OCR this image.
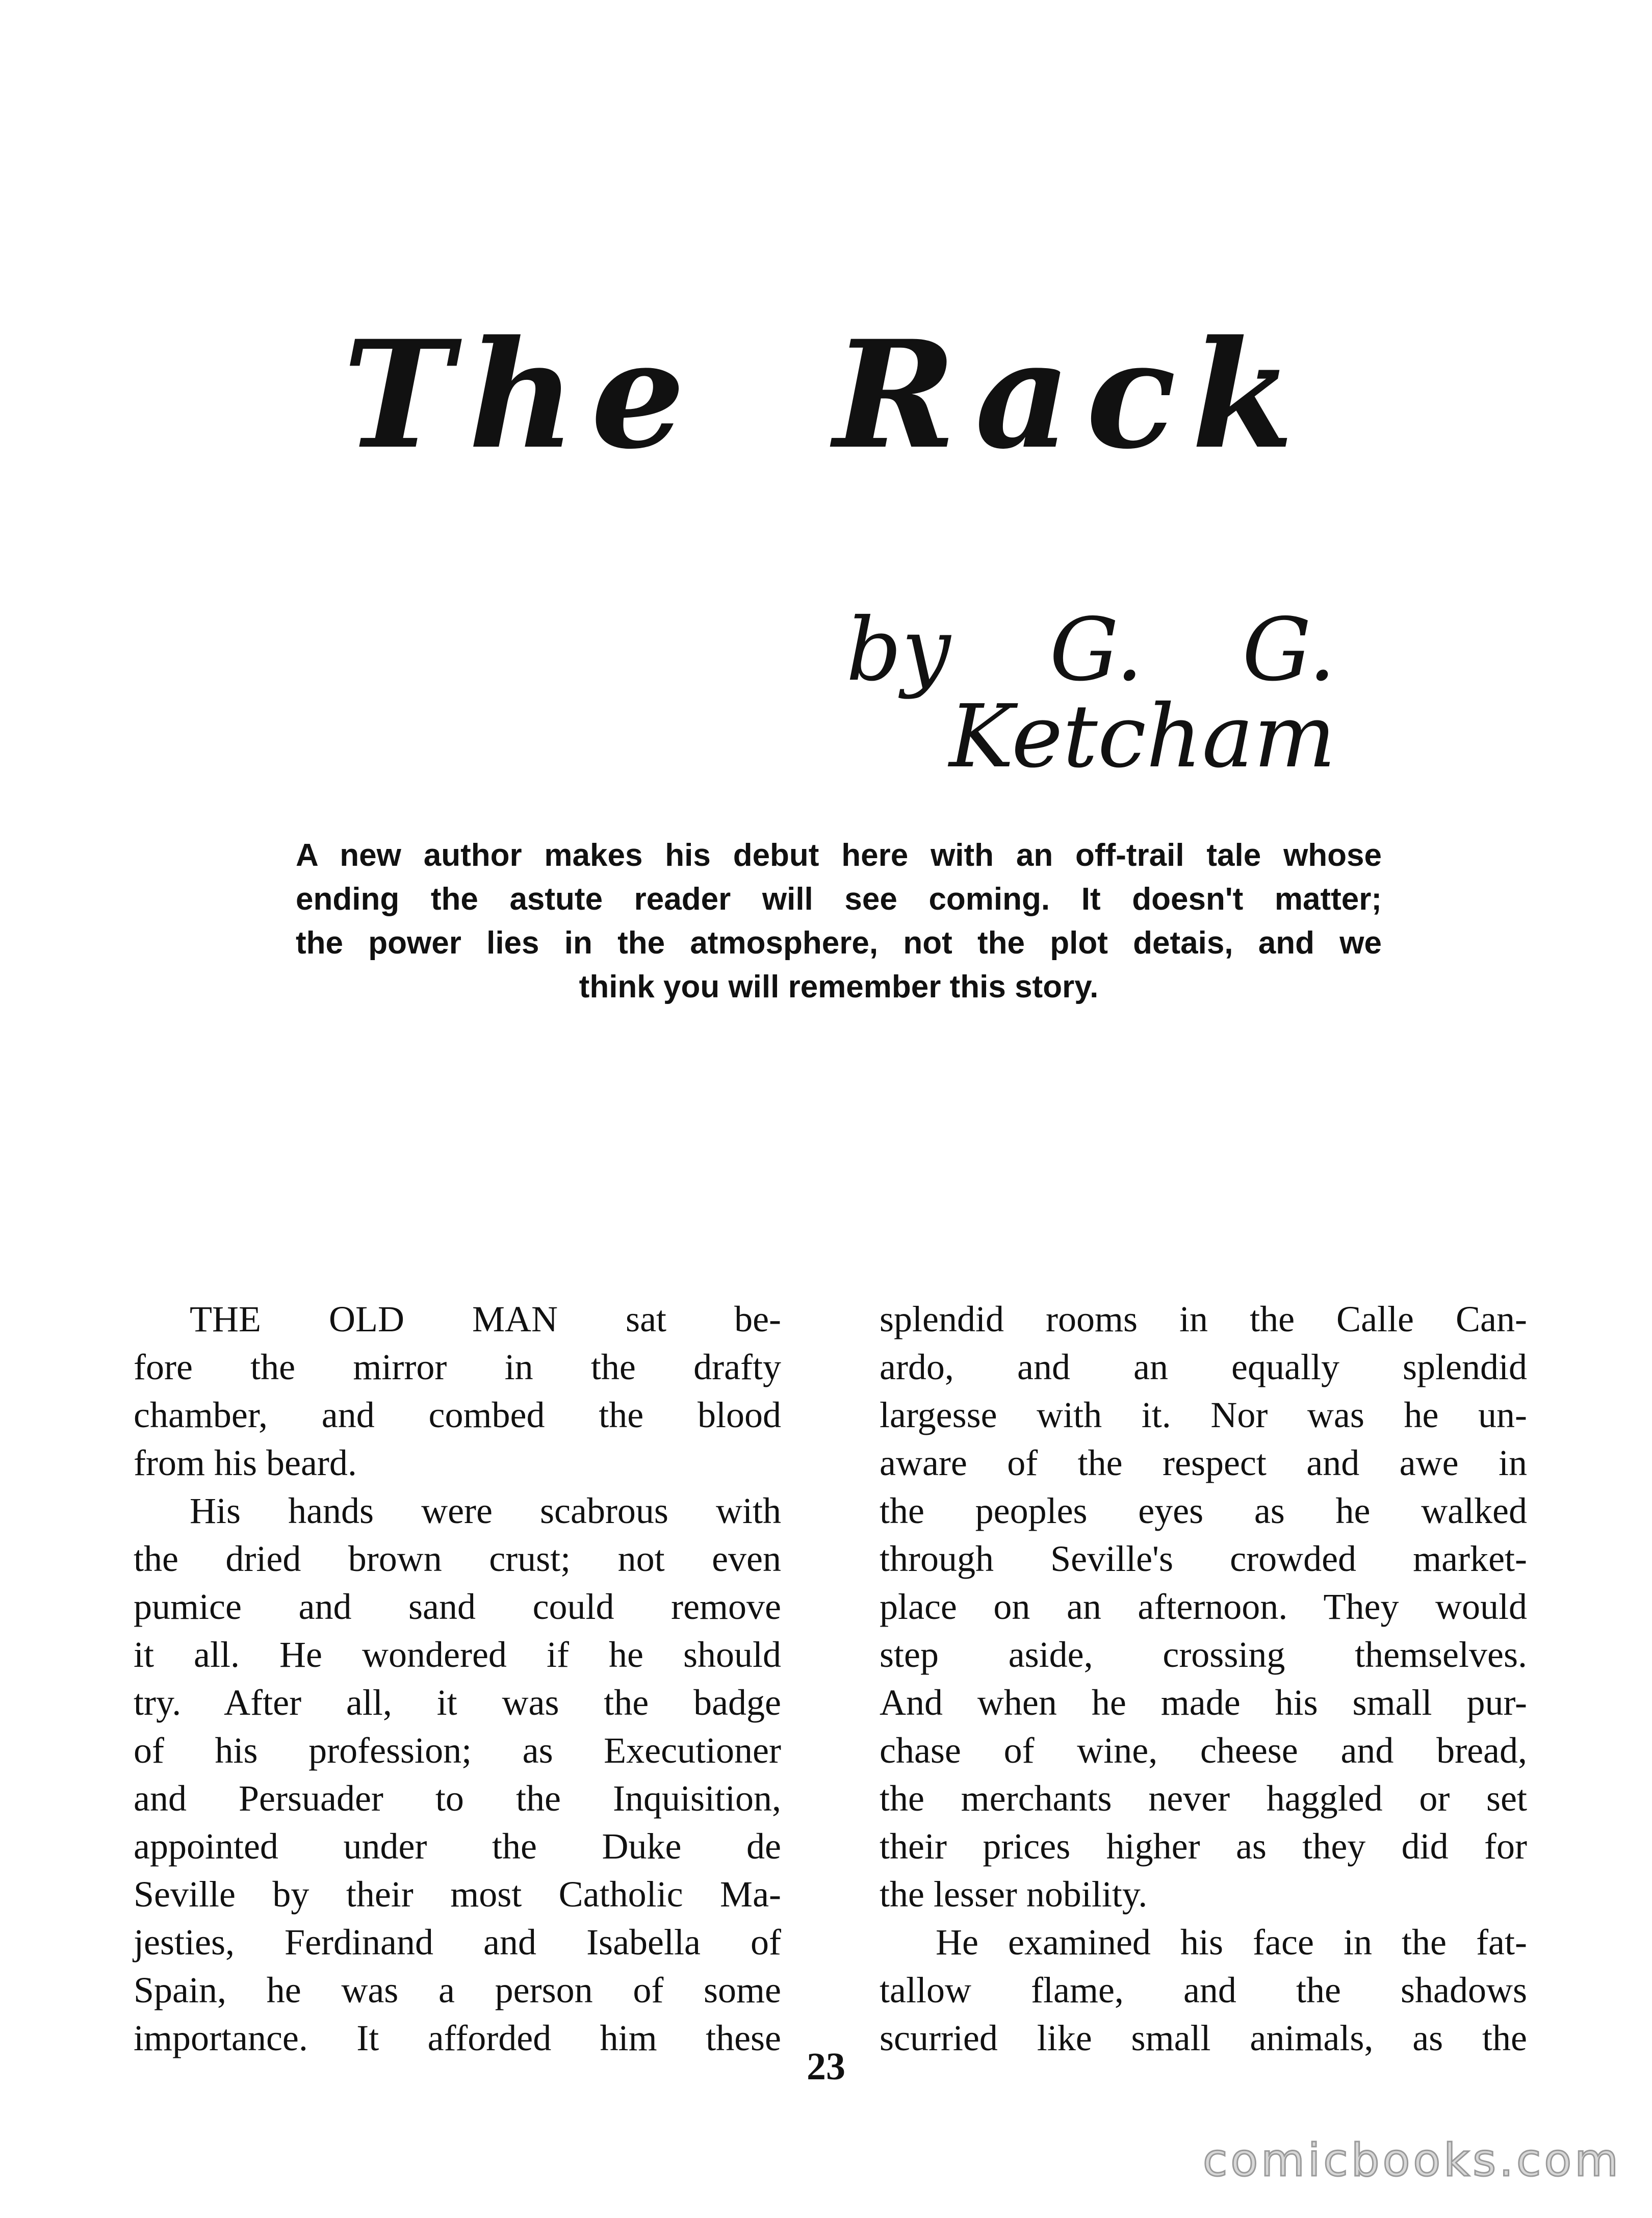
The Rack
by G. G. Ketcham
A new author makes his debut here with an off-trail tale whose
ending the astute reader will see coming. It doesn't matter;
the power lies in the atmosphere, not the plot detais, and we
think you will remember this story.
THE OLD MAN sat be-
fore the mirror in the drafty
chamber, and combed the blood
from his beard.
His hands were scabrous with
the dried brown crust; not even
pumice and sand could remove
it all. He wondered if he should
try. After all, it was the badge
of his profession; as Executioner
and Persuader to the Inquisition,
appointed under the Duke de
Seville by their most Catholic Ma-
jesties, Ferdinand and Isabella of
Spain, he was a person of some
importance. It afforded him these
splendid rooms in the Calle Can-
ardo, and an equally splendid
largesse with it. Nor was he un-
aware of the respect and awe in
the peoples eyes as he walked
through Seville's crowded market-
place on an afternoon. They would
step aside, crossing themselves.
And when he made his small pur-
chase of wine, cheese and bread,
the merchants never haggled or set
their prices higher as they did for
the lesser nobility.
He examined his face in the fat-
tallow flame, and the shadows
scurried like small animals, as the
23
comicbooks.com
